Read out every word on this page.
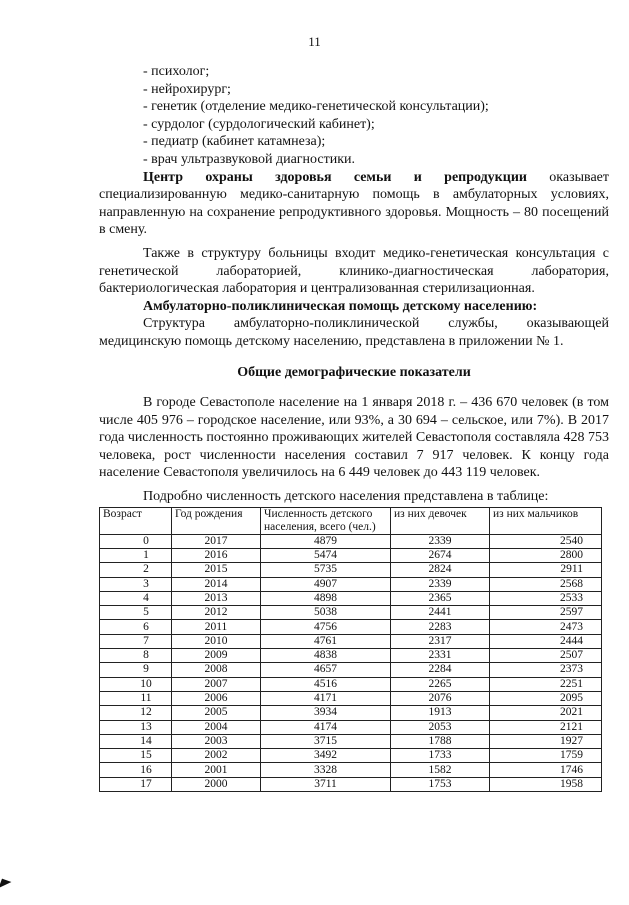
11
- психолог;
- нейрохирург;
- генетик (отделение медико-генетической консультации);
- сурдолог (сурдологический кабинет);
- педиатр (кабинет катамнеза);
- врач ультразвуковой диагностики.

Центр охраны здоровья семьи и репродукции оказывает специализированную медико-санитарную помощь в амбулаторных условиях, направленную на сохранение репродуктивного здоровья. Мощность – 80 посещений в смену.

Также в структуру больницы входит медико-генетическая консультация с генетической лабораторией, клинико-диагностическая лаборатория, бактериологическая лаборатория и централизованная стерилизационная.

Амбулаторно-поликлиническая помощь детскому населению:

Структура амбулаторно-поликлинической службы, оказывающей медицинскую помощь детскому населению, представлена в приложении № 1.

Общие демографические показатели

В городе Севастополе население на 1 января 2018 г. – 436 670 человек (в том числе 405 976 – городское население, или 93%, а 30 694 – сельское, или 7%). В 2017 года численность постоянно проживающих жителей Севастополя составляла 428 753 человека, рост численности населения составил 7 917 человек. К концу года население Севастополя увеличилось на 6 449 человек до 443 119 человек.

Подробно численность детского населения представлена в таблице:
Возраст	Год рождения	Численность детского населения, всего (чел.)	из них девочек	из них мальчиков
0	2017	4879	2339	2540
1	2016	5474	2674	2800
2	2015	5735	2824	2911
3	2014	4907	2339	2568
4	2013	4898	2365	2533
5	2012	5038	2441	2597
6	2011	4756	2283	2473
7	2010	4761	2317	2444
8	2009	4838	2331	2507
9	2008	4657	2284	2373
10	2007	4516	2265	2251
11	2006	4171	2076	2095
12	2005	3934	1913	2021
13	2004	4174	2053	2121
14	2003	3715	1788	1927
15	2002	3492	1733	1759
16	2001	3328	1582	1746
17	2000	3711	1753	1958
